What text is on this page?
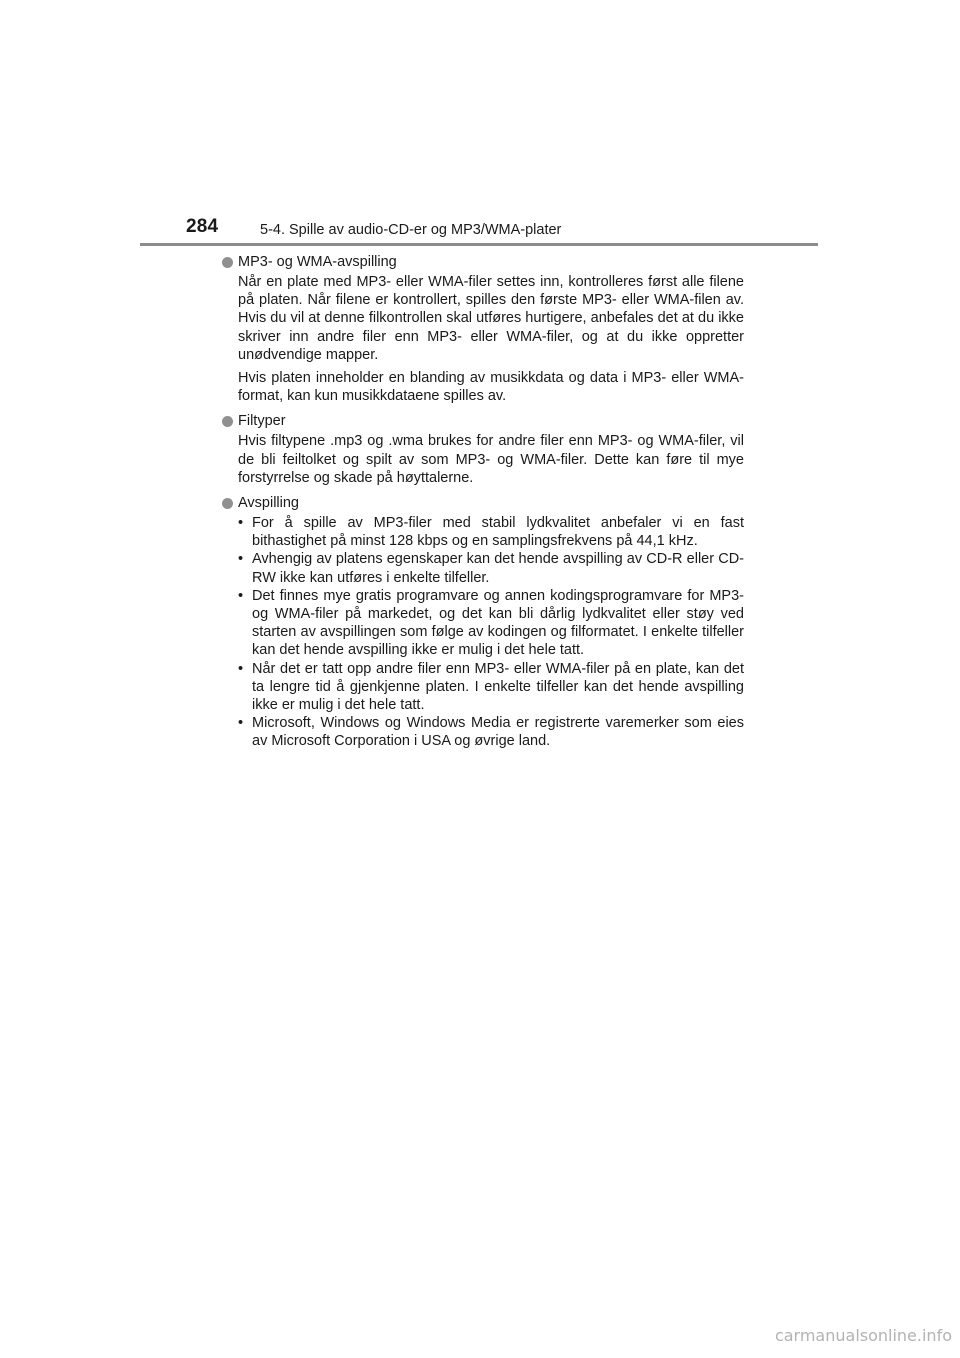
284	5-4. Spille av audio-CD-er og MP3/WMA-plater
MP3- og WMA-avspilling

Når en plate med MP3- eller WMA-filer settes inn, kontrolleres først alle filene på platen. Når filene er kontrollert, spilles den første MP3- eller WMA-filen av. Hvis du vil at denne filkontrollen skal utføres hurtigere, anbefales det at du ikke skriver inn andre filer enn MP3- eller WMA-filer, og at du ikke oppretter unødvendige mapper.

Hvis platen inneholder en blanding av musikkdata og data i MP3- eller WMA-format, kan kun musikkdataene spilles av.

Filtyper

Hvis filtypene .mp3 og .wma brukes for andre filer enn MP3- og WMA-filer, vil de bli feiltolket og spilt av som MP3- og WMA-filer. Dette kan føre til mye forstyrrelse og skade på høyttalerne.

Avspilling
• For å spille av MP3-filer med stabil lydkvalitet anbefaler vi en fast bithastighet på minst 128 kbps og en samplingsfrekvens på 44,1 kHz.
• Avhengig av platens egenskaper kan det hende avspilling av CD-R eller CD-RW ikke kan utføres i enkelte tilfeller.
• Det finnes mye gratis programvare og annen kodingsprogramvare for MP3- og WMA-filer på markedet, og det kan bli dårlig lydkvalitet eller støy ved starten av avspillingen som følge av kodingen og filformatet. I enkelte tilfeller kan det hende avspilling ikke er mulig i det hele tatt.
• Når det er tatt opp andre filer enn MP3- eller WMA-filer på en plate, kan det ta lengre tid å gjenkjenne platen. I enkelte tilfeller kan det hende avspilling ikke er mulig i det hele tatt.
• Microsoft, Windows og Windows Media er registrerte varemerker som eies av Microsoft Corporation i USA og øvrige land.
carmanualsonline.info
